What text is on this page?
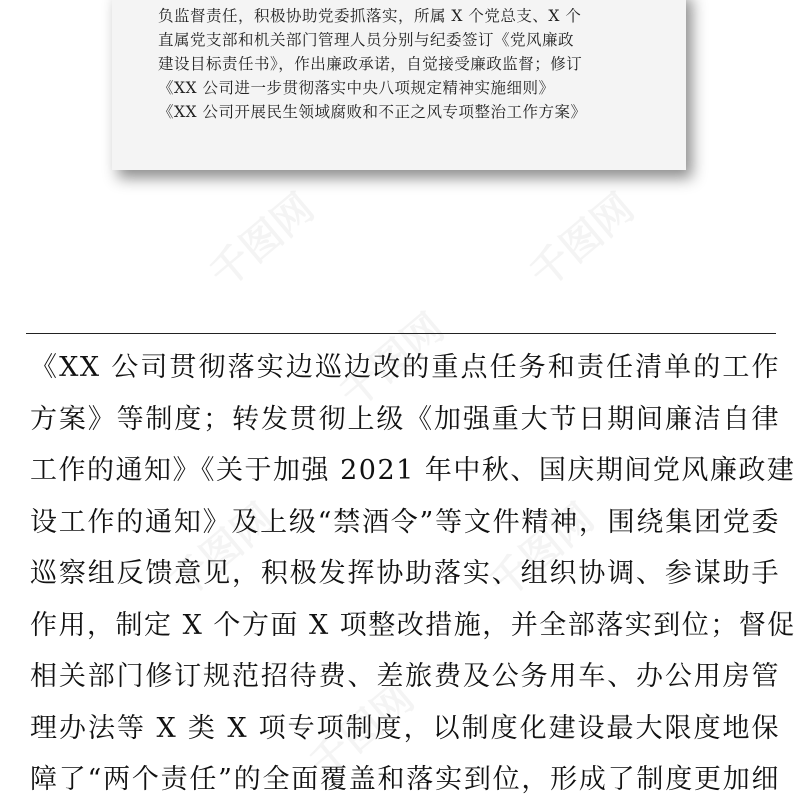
负监督责任，积极协助党委抓落实，所属 X 个党总支、X 个
直属党支部和机关部门管理人员分别与纪委签订《党风廉政
建设目标责任书》，作出廉政承诺，自觉接受廉政监督；修订
《XX 公司进一步贯彻落实中央八项规定精神实施细则》
《XX 公司开展民生领域腐败和不正之风专项整治工作方案》
《XX 公司贯彻落实边巡边改的重点任务和责任清单的工作
方案》等制度；转发贯彻上级《加强重大节日期间廉洁自律
工作的通知》《关于加强 2021 年中秋、国庆期间党风廉政建
设工作的通知》及上级“禁酒令”等文件精神，围绕集团党委
巡察组反馈意见，积极发挥协助落实、组织协调、参谋助手
作用，制定 X 个方面 X 项整改措施，并全部落实到位；督促
相关部门修订规范招待费、差旅费及公务用车、办公用房管
理办法等 X 类 X 项专项制度，以制度化建设最大限度地保
障了“两个责任”的全面覆盖和落实到位，形成了制度更加细
